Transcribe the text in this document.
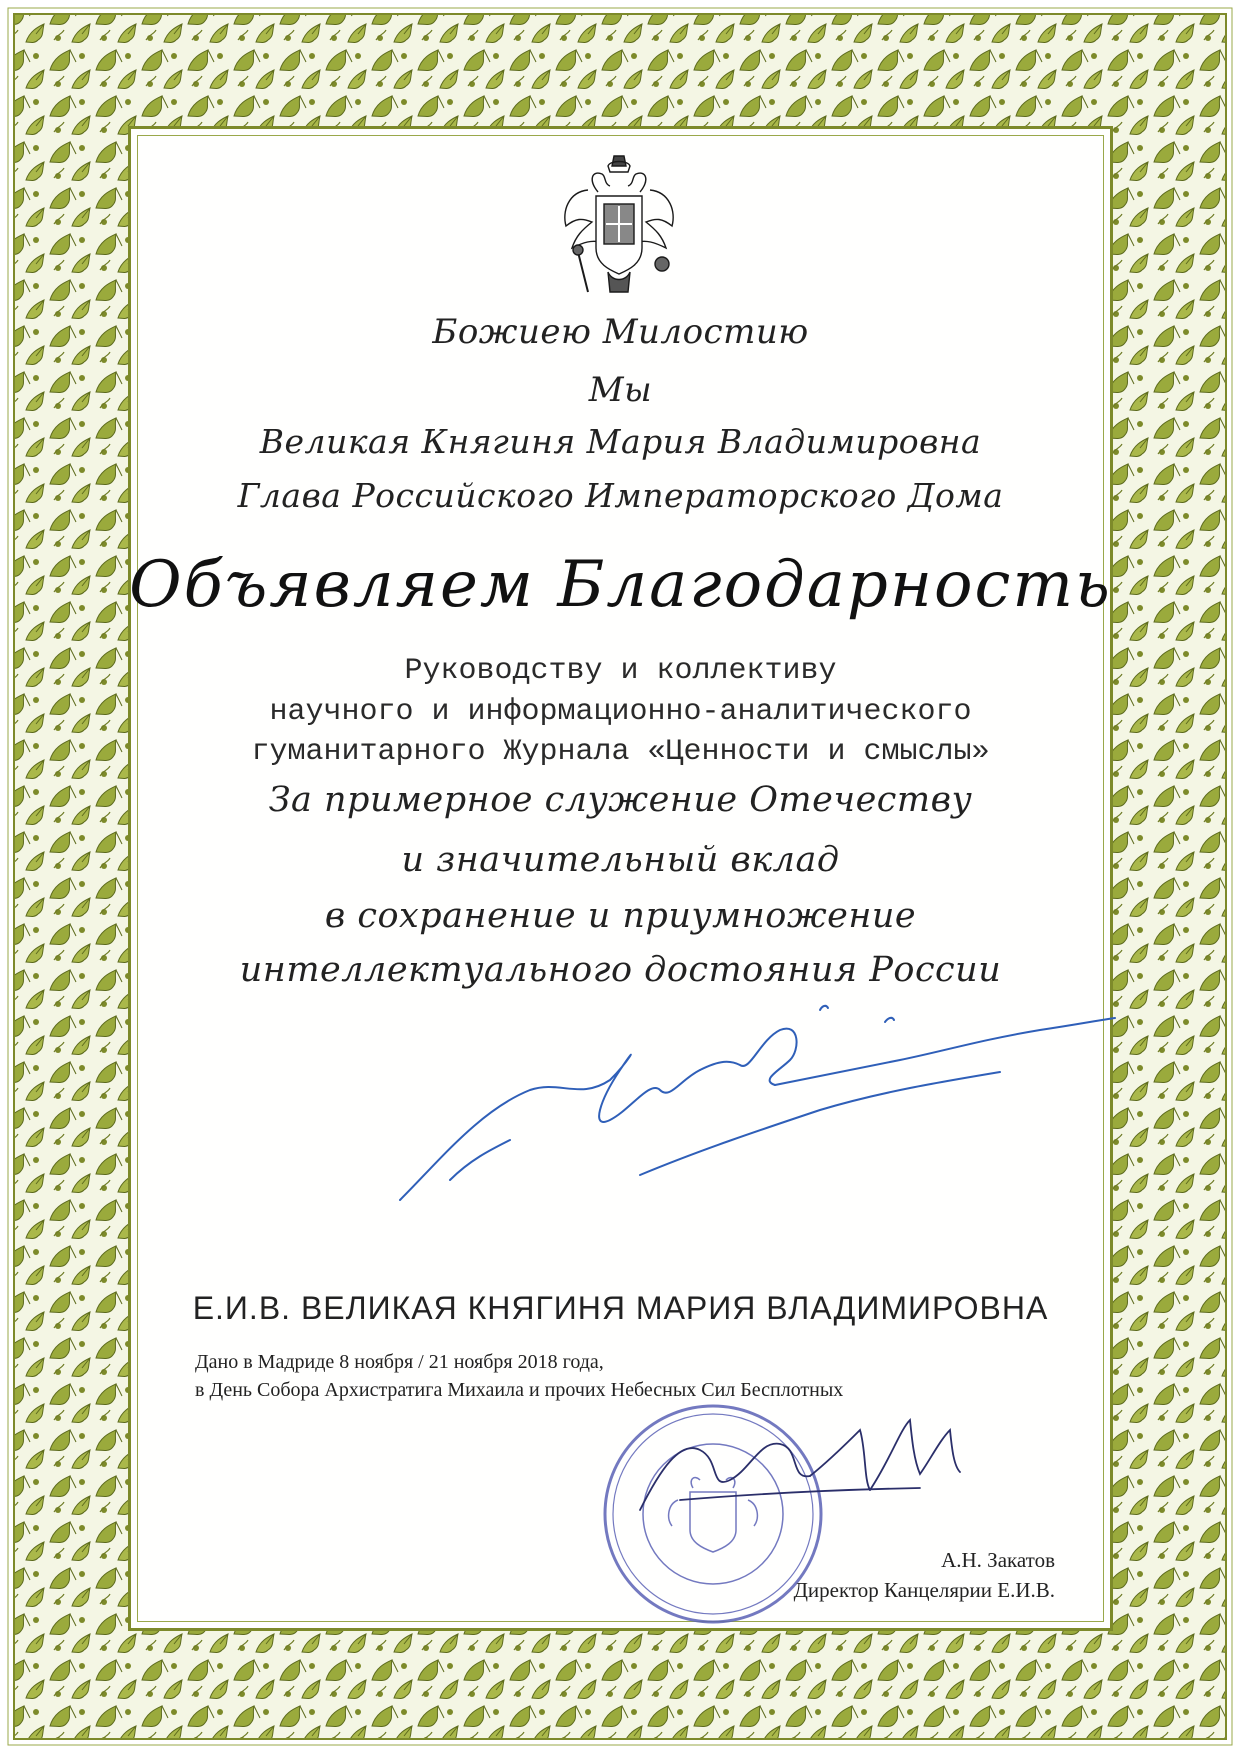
Божиею Милостию
Мы
Великая Княгиня Мария Владимировна
Глава Российского Императорского Дома
Объявляем Благодарность
Руководству и коллективу
научного и информационно-аналитического
гуманитарного Журнала «Ценности и смыслы»
За примерное служение Отечеству
и значительный вклад
в сохранение и приумножение
интеллектуального достояния России
Е.И.В. ВЕЛИКАЯ КНЯГИНЯ МАРИЯ ВЛАДИМИРОВНА
Дано в Мадриде 8 ноября / 21 ноября 2018 года,
в День Собора Архистратига Михаила и прочих Небесных Сил Бесплотных
А.Н. Закатов
Директор Канцелярии Е.И.В.
